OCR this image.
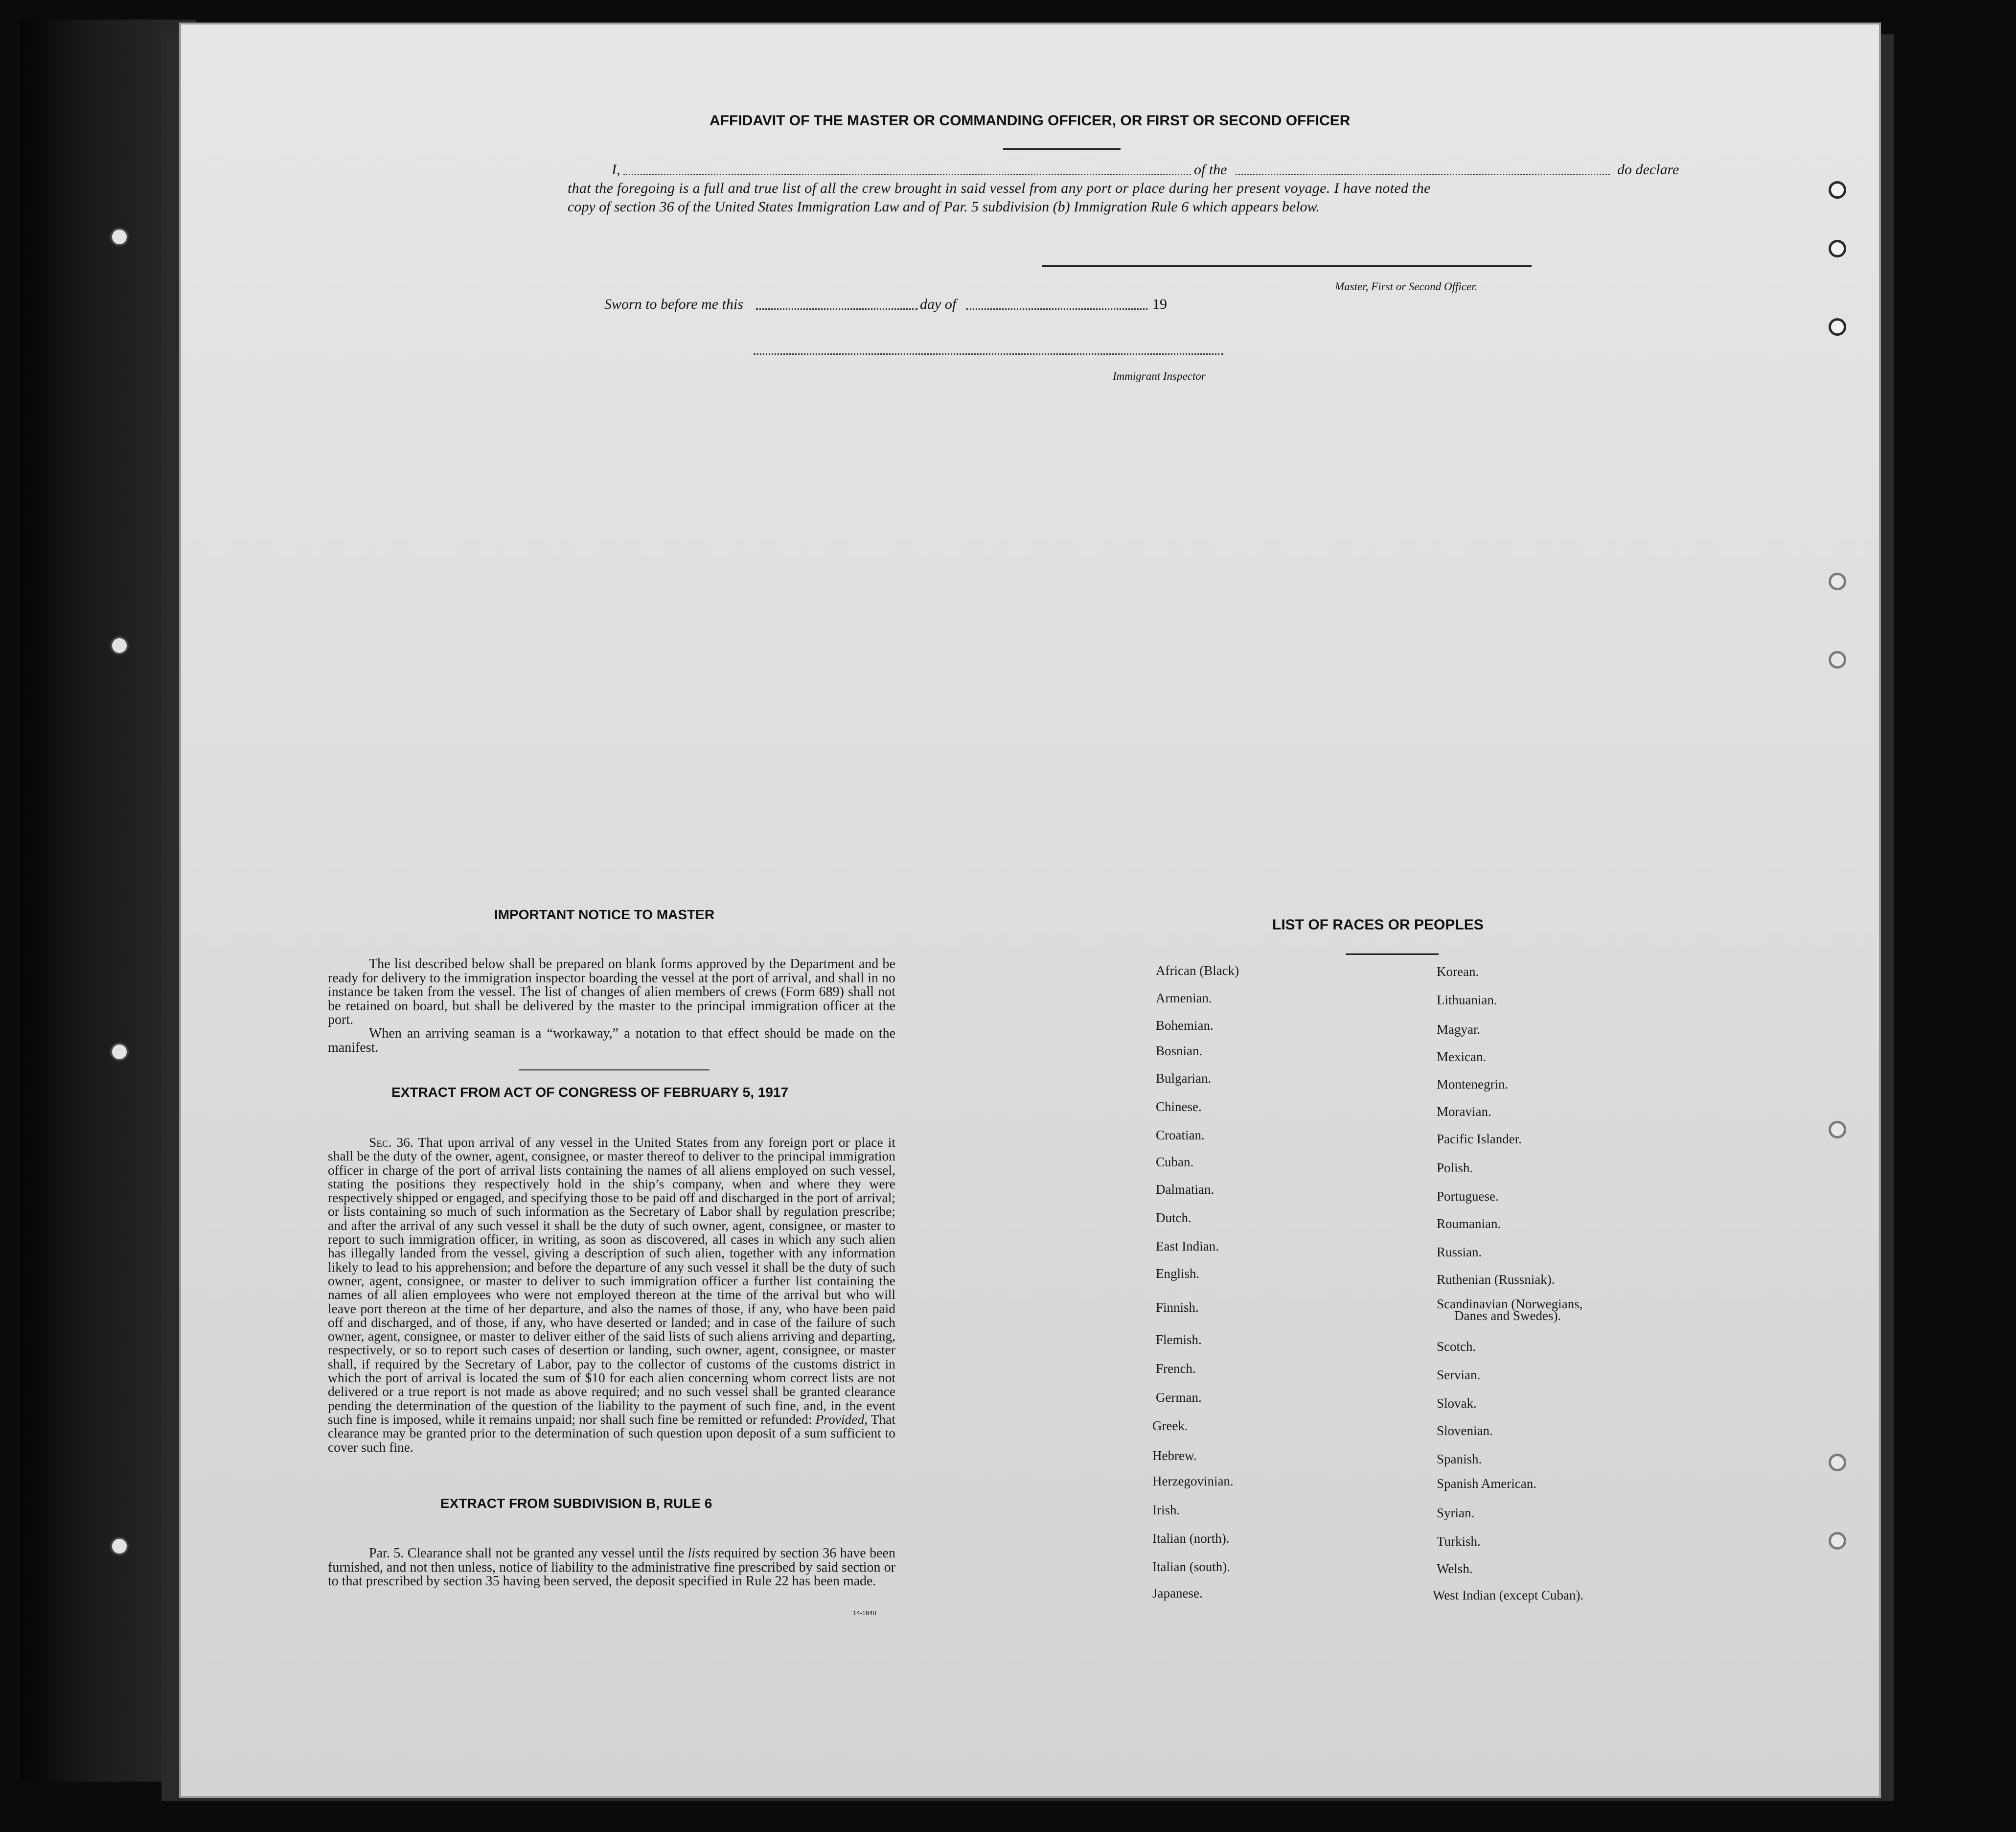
AFFIDAVIT OF THE MASTER OR COMMANDING OFFICER, OR FIRST OR SECOND OFFICER
I,	of the	do declare
that the foregoing is a full and true list of all the crew brought in said vessel from any port or place during her present voyage. I have noted the
copy of section 36 of the United States Immigration Law and of Par. 5 subdivision (b) Immigration Rule 6 which appears below.
Master, First or Second Officer.
Sworn to before me this	day of	19
Immigrant Inspector
IMPORTANT NOTICE TO MASTER
The list described below shall be prepared on blank forms approved by the Department and be ready for delivery to the immigration inspector boarding the vessel at the port of arrival, and shall in no instance be taken from the vessel. The list of changes of alien members of crews (Form 689) shall not be retained on board, but shall be delivered by the master to the principal immigration officer at the port.
When an arriving seaman is a “workaway,” a notation to that effect should be made on the manifest.
EXTRACT FROM ACT OF CONGRESS OF FEBRUARY 5, 1917
Sec. 36. That upon arrival of any vessel in the United States from any foreign port or place it shall be the duty of the owner, agent, consignee, or master thereof to deliver to the principal immigration officer in charge of the port of arrival lists containing the names of all aliens employed on such vessel, stating the positions they respectively hold in the ship’s company, when and where they were respectively shipped or engaged, and specifying those to be paid off and discharged in the port of arrival; or lists containing so much of such information as the Secretary of Labor shall by regulation prescribe; and after the arrival of any such vessel it shall be the duty of such owner, agent, consignee, or master to report to such immigration officer, in writing, as soon as discovered, all cases in which any such alien has illegally landed from the vessel, giving a description of such alien, together with any information likely to lead to his apprehension; and before the departure of any such vessel it shall be the duty of such owner, agent, consignee, or master to deliver to such immigration officer a further list containing the names of all alien employees who were not employed thereon at the time of the arrival but who will leave port thereon at the time of her departure, and also the names of those, if any, who have been paid off and discharged, and of those, if any, who have deserted or landed; and in case of the failure of such owner, agent, consignee, or master to deliver either of the said lists of such aliens arriving and departing, respectively, or so to report such cases of desertion or landing, such owner, agent, consignee, or master shall, if required by the Secretary of Labor, pay to the collector of customs of the customs district in which the port of arrival is located the sum of $10 for each alien concerning whom correct lists are not delivered or a true report is not made as above required; and no such vessel shall be granted clearance pending the determination of the question of the liability to the payment of such fine, and, in the event such fine is imposed, while it remains unpaid; nor shall such fine be remitted or refunded: Provided, That clearance may be granted prior to the determination of such question upon deposit of a sum sufficient to cover such fine.
EXTRACT FROM SUBDIVISION B, RULE 6
Par. 5. Clearance shall not be granted any vessel until the lists required by section 36 have been furnished, and not then unless, notice of liability to the administrative fine prescribed by said section or to that prescribed by section 35 having been served, the deposit specified in Rule 22 has been made.
14-1840
LIST OF RACES OR PEOPLES
African (Black)
Armenian.
Bohemian.
Bosnian.
Bulgarian.
Chinese.
Croatian.
Cuban.
Dalmatian.
Dutch.
East Indian.
English.
Finnish.
Flemish.
French.
German.
Greek.
Hebrew.
Herzegovinian.
Irish.
Italian (north).
Italian (south).
Japanese.
Korean.
Lithuanian.
Magyar.
Mexican.
Montenegrin.
Moravian.
Pacific Islander.
Polish.
Portuguese.
Roumanian.
Russian.
Ruthenian (Russniak).
Scandinavian (Norwegians,
Danes and Swedes).
Scotch.
Servian.
Slovak.
Slovenian.
Spanish.
Spanish American.
Syrian.
Turkish.
Welsh.
West Indian (except Cuban).
